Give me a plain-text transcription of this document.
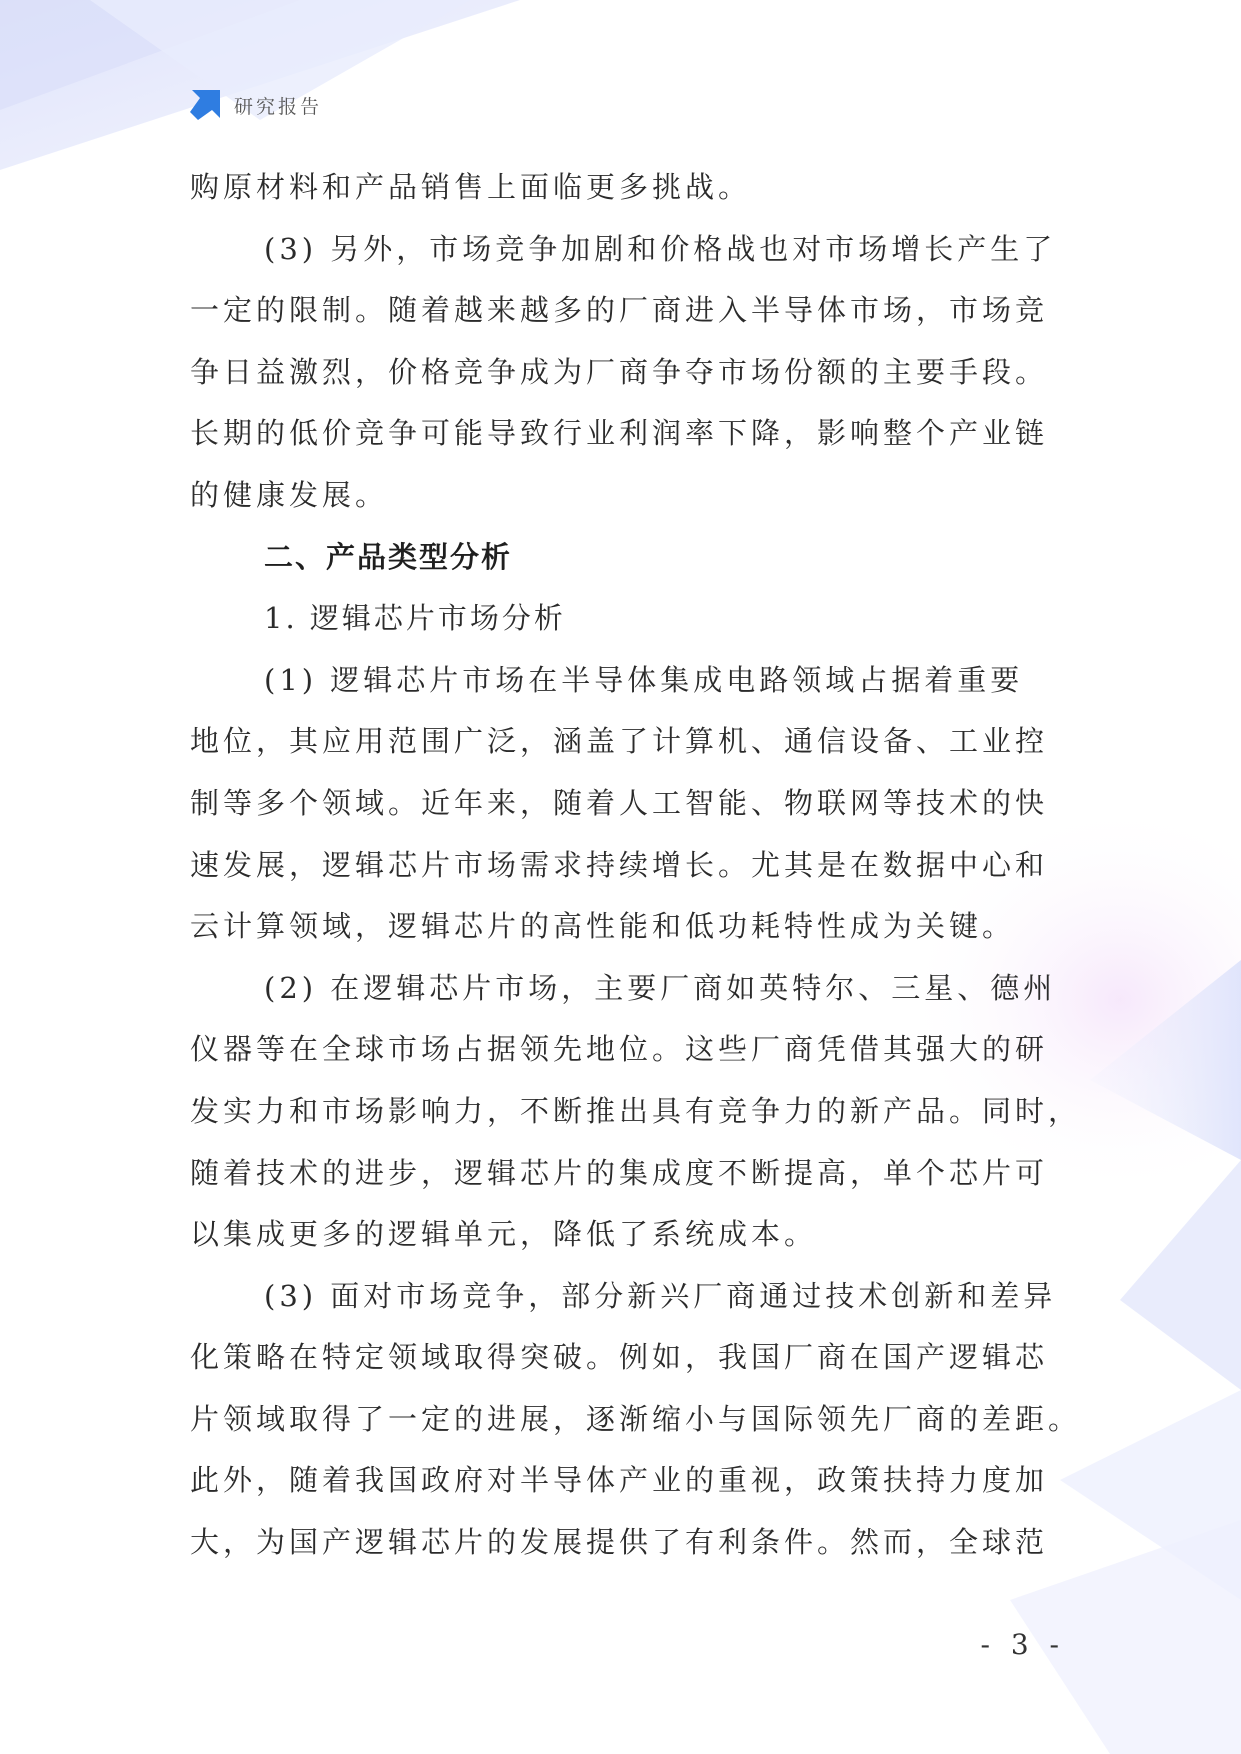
研究报告
购原材料和产品销售上面临更多挑战。
(3) 另外，市场竞争加剧和价格战也对市场增长产生了
一定的限制。随着越来越多的厂商进入半导体市场，市场竞
争日益激烈，价格竞争成为厂商争夺市场份额的主要手段。
长期的低价竞争可能导致行业利润率下降，影响整个产业链
的健康发展。
二、产品类型分析
1. 逻辑芯片市场分析
(1) 逻辑芯片市场在半导体集成电路领域占据着重要
地位，其应用范围广泛，涵盖了计算机、通信设备、工业控
制等多个领域。近年来，随着人工智能、物联网等技术的快
速发展，逻辑芯片市场需求持续增长。尤其是在数据中心和
云计算领域，逻辑芯片的高性能和低功耗特性成为关键。
(2) 在逻辑芯片市场，主要厂商如英特尔、三星、德州
仪器等在全球市场占据领先地位。这些厂商凭借其强大的研
发实力和市场影响力，不断推出具有竞争力的新产品。同时，
随着技术的进步，逻辑芯片的集成度不断提高，单个芯片可
以集成更多的逻辑单元，降低了系统成本。
(3) 面对市场竞争，部分新兴厂商通过技术创新和差异
化策略在特定领域取得突破。例如，我国厂商在国产逻辑芯
片领域取得了一定的进展，逐渐缩小与国际领先厂商的差距。
此外，随着我国政府对半导体产业的重视，政策扶持力度加
大，为国产逻辑芯片的发展提供了有利条件。然而，全球范
- 3 -
